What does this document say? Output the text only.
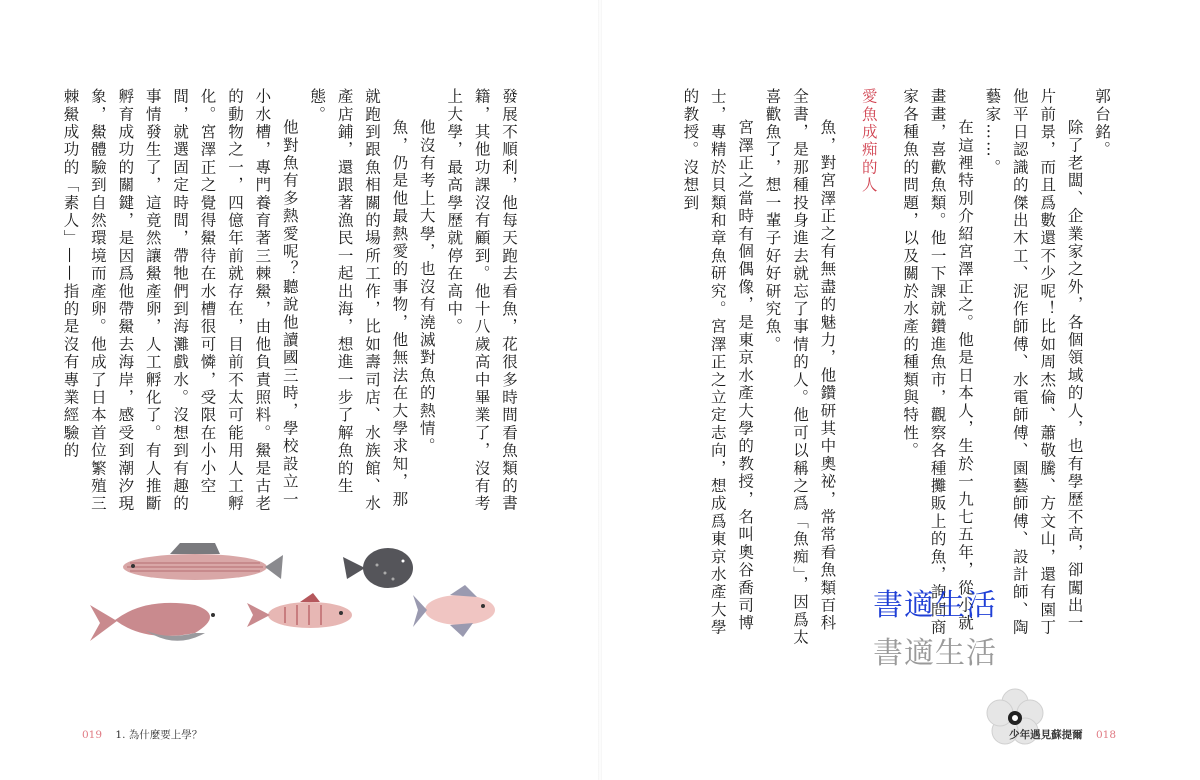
發展不順利，他每天跑去看魚，花很多時間看魚類的書籍，其他功課沒有顧到。他十八歲高中畢業了，沒有考上大學，最高學歷就停在高中。

他沒有考上大學，也沒有澆滅對魚的熱情。

魚，仍是他最熱愛的事物，他無法在大學求知，那就跑到跟魚相關的場所工作，比如壽司店、水族館、水產店鋪，還跟著漁民一起出海，想進一步了解魚的生態。

他對魚有多熱愛呢？聽說他讀國三時，學校設立一小水槽，專門養育著三棘鱟，由他負責照料。鱟是古老的動物之一，四億年前就存在，目前不太可能用人工孵化。宮澤正之覺得鱟待在水槽很可憐，受限在小小空間，就選固定時間，帶牠們到海灘戲水。沒想到有趣的事情發生了，這竟然讓鱟產卵，人工孵化了。有人推斷孵育成功的關鍵，是因爲他帶鱟去海岸，感受到潮汐現象，鱟體驗到自然環境而產卵。他成了日本首位繁殖三棘鱟成功的「素人」——指的是沒有專業經驗的

019 1. 為什麼要上學？

郭台銘。

除了老闆、企業家之外，各個領域的人，也有學歷不高，卻闖出一片前景，而且爲數還不少呢！比如周杰倫、蕭敬騰、方文山，還有園丁他平日認識的傑出木工、泥作師傅、水電師傅、園藝師傅、設計師、陶藝家……。

在這裡特別介紹宮澤正之。他是日本人，生於一九七五年，從小就畫畫，喜歡魚類。他一下課就鑽進魚市，觀察各種攤販上的魚，詢問商家各種魚的問題，以及關於水產的種類與特性。

愛魚成痴的人

魚，對宮澤正之有無盡的魅力，他鑽研其中奧祕，常常看魚類百科全書，是那種投身進去就忘了事情的人。他可以稱之爲「魚痴」，因爲太喜歡魚了，想一輩子好好研究魚。

宮澤正之當時有個偶像，是東京水產大學的教授，名叫奧谷喬司博士，專精於貝類和章魚研究。宮澤正之立定志向，想成爲東京水產大學的教授。沒想到

書適生活
書適生活
少年遇見蘇提爾 018
